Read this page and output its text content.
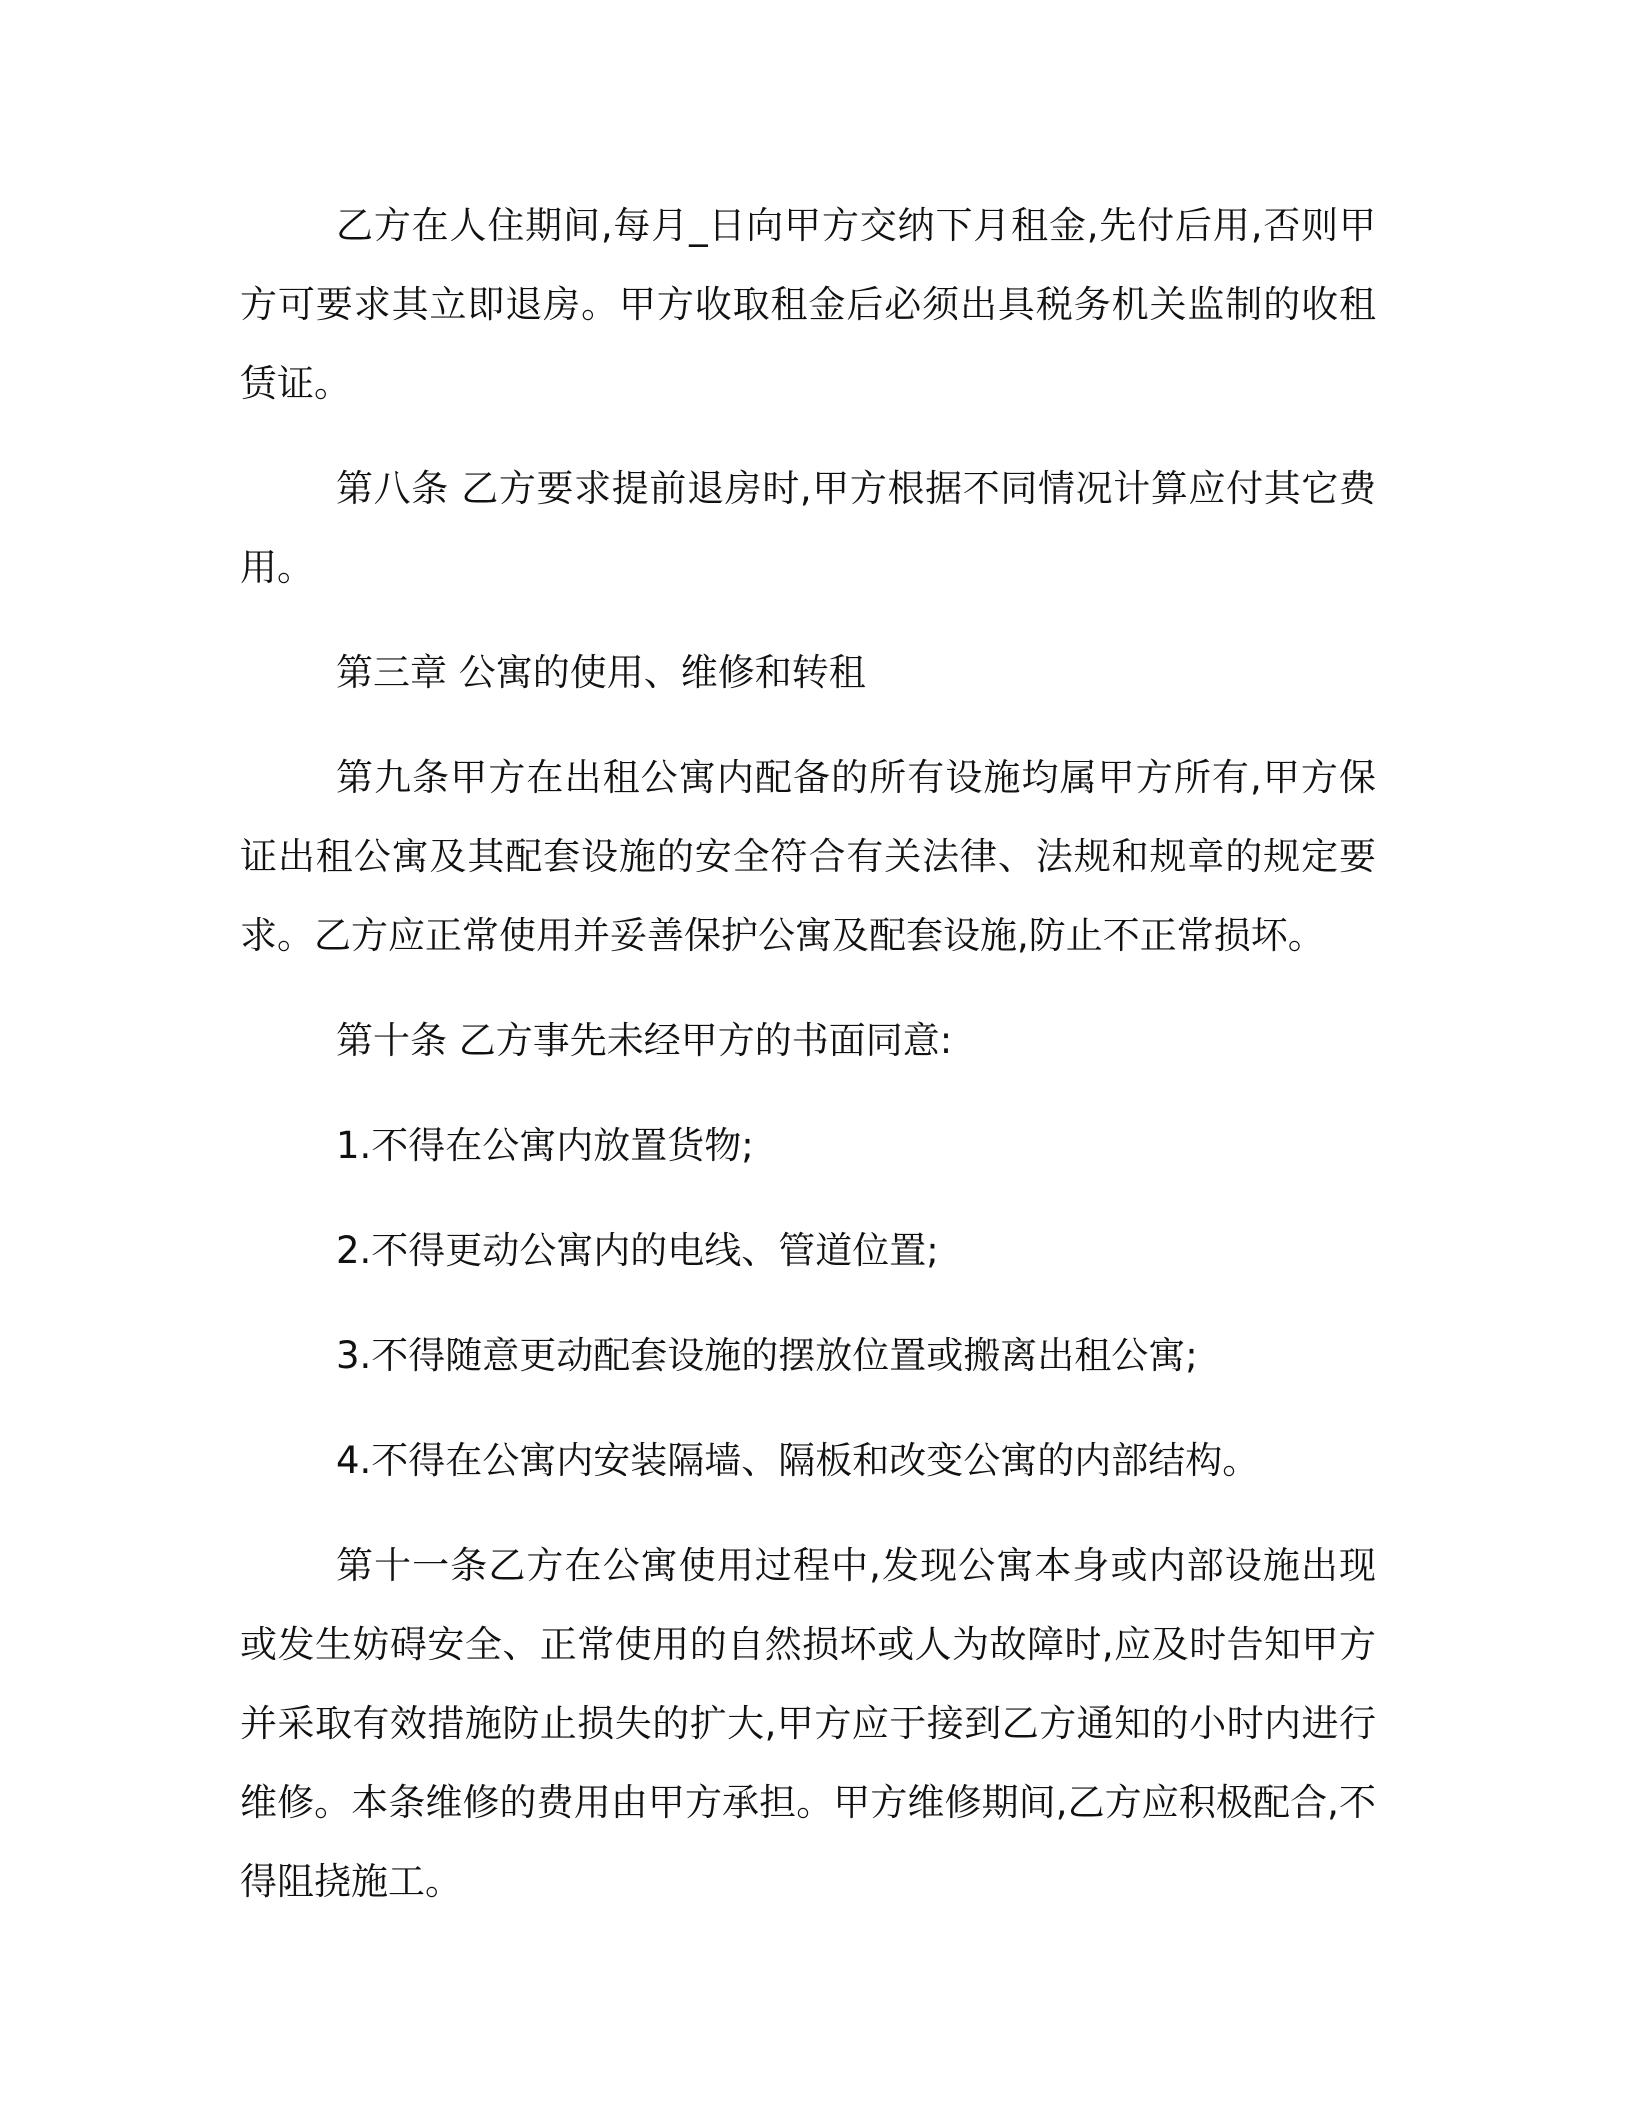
乙方在人住期间,每月_日向甲方交纳下月租金,先付后用,否则甲方可要求其立即退房。甲方收取租金后必须出具税务机关监制的收租赁证。

第八条 乙方要求提前退房时,甲方根据不同情况计算应付其它费用。

第三章 公寓的使用、维修和转租

第九条甲方在出租公寓内配备的所有设施均属甲方所有,甲方保证出租公寓及其配套设施的安全符合有关法律、法规和规章的规定要求。乙方应正常使用并妥善保护公寓及配套设施,防止不正常损坏。

第十条 乙方事先未经甲方的书面同意:

1.不得在公寓内放置货物;

2.不得更动公寓内的电线、管道位置;

3.不得随意更动配套设施的摆放位置或搬离出租公寓;

4.不得在公寓内安装隔墙、隔板和改变公寓的内部结构。

第十一条乙方在公寓使用过程中,发现公寓本身或内部设施出现或发生妨碍安全、正常使用的自然损坏或人为故障时,应及时告知甲方并采取有效措施防止损失的扩大,甲方应于接到乙方通知的小时内进行维修。本条维修的费用由甲方承担。甲方维修期间,乙方应积极配合,不得阻挠施工。
